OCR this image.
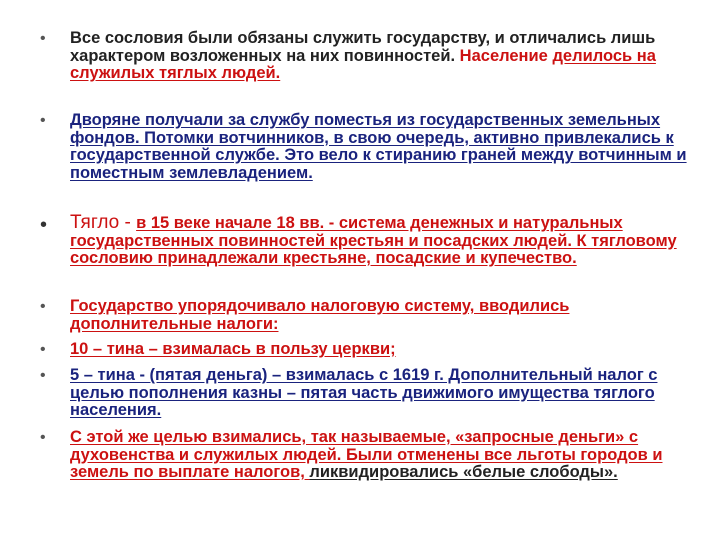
• Все сословия были обязаны служить государству, и отличались лишь характером возложенных на них повинностей. Население делилось на служилых тяглых людей.
• Дворяне получали за службу поместья из государственных земельных фондов. Потомки вотчинников, в свою очередь, активно привлекались к государственной службе. Это вело к стиранию граней между вотчинным и поместным землевладением.
• Тягло - в 15 веке начале 18 вв. - система денежных и натуральных государственных повинностей крестьян и посадских людей. К тягловому сословию принадлежали крестьяне, посадские и купечество.
• Государство упорядочивало налоговую систему, вводились дополнительные налоги:
• 10 – тина – взималась в пользу церкви;
• 5 – тина - (пятая деньга) – взималась с 1619 г. Дополнительный налог с целью пополнения казны – пятая часть движимого имущества тяглого населения.
• С этой же целью взимались, так называемые, «запросные деньги» с духовенства и служилых людей. Были отменены все льготы городов и земель по выплате налогов, ликвидировались «белые слободы».
